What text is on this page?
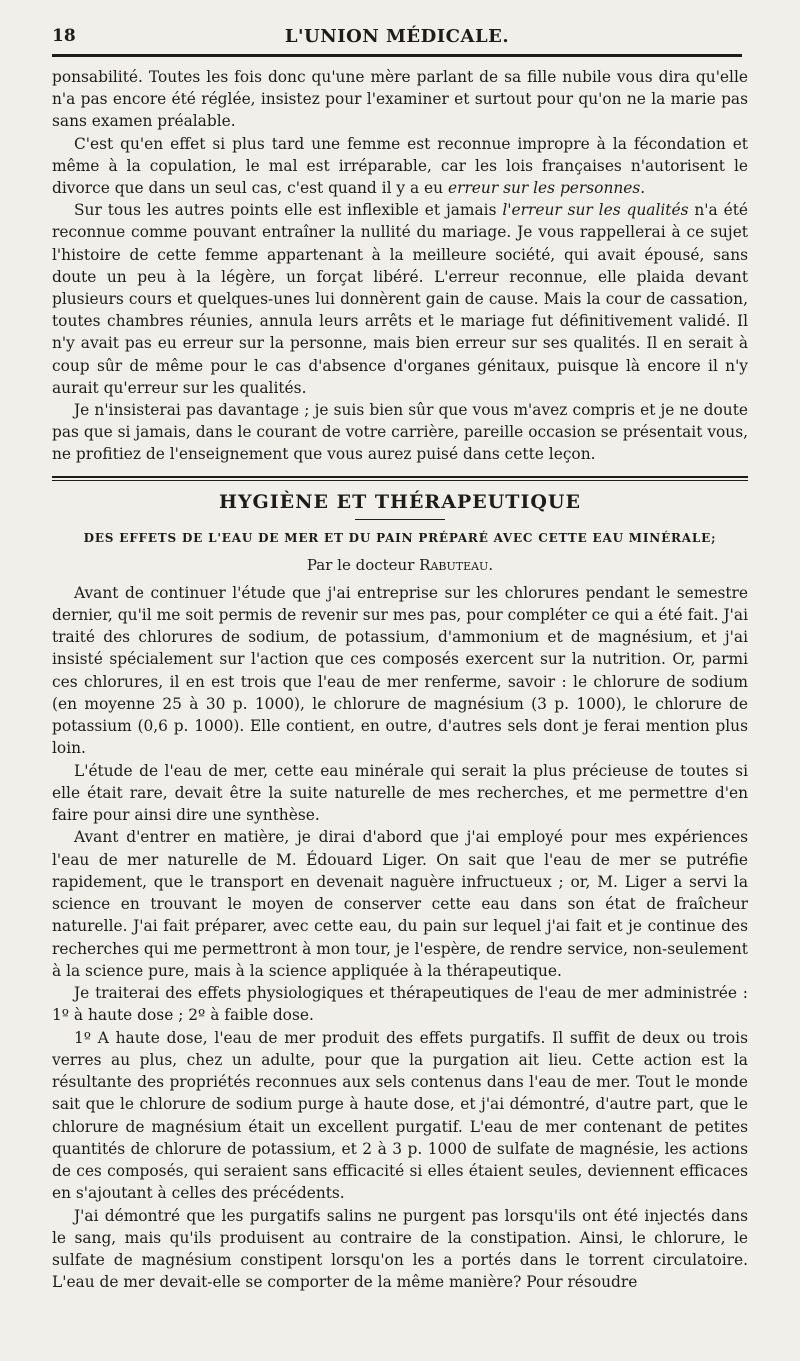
18	L'UNION MÉDICALE.

ponsabilité. Toutes les fois donc qu'une mère parlant de sa fille nubile vous dira qu'elle n'a pas encore été réglée, insistez pour l'examiner et surtout pour qu'on ne la marie pas sans examen préalable.

C'est qu'en effet si plus tard une femme est reconnue impropre à la fécondation et même à la copulation, le mal est irréparable, car les lois françaises n'autorisent le divorce que dans un seul cas, c'est quand il y a eu erreur sur les personnes.

Sur tous les autres points elle est inflexible et jamais l'erreur sur les qualités n'a été reconnue comme pouvant entraîner la nullité du mariage. Je vous rappellerai à ce sujet l'histoire de cette femme appartenant à la meilleure société, qui avait épousé, sans doute un peu à la légère, un forçat libéré. L'erreur reconnue, elle plaida devant plusieurs cours et quelques-unes lui donnèrent gain de cause. Mais la cour de cassation, toutes chambres réunies, annula leurs arrêts et le mariage fut définitivement validé. Il n'y avait pas eu erreur sur la personne, mais bien erreur sur ses qualités. Il en serait à coup sûr de même pour le cas d'absence d'organes génitaux, puisque là encore il n'y aurait qu'erreur sur les qualités.

Je n'insisterai pas davantage ; je suis bien sûr que vous m'avez compris et je ne doute pas que si jamais, dans le courant de votre carrière, pareille occasion se présentait vous, ne profitiez de l'enseignement que vous aurez puisé dans cette leçon.

HYGIÈNE ET THÉRAPEUTIQUE
DES EFFETS DE L'EAU DE MER ET DU PAIN PRÉPARÉ AVEC CETTE EAU MINÉRALE;
Par le docteur Rabuteau.

Avant de continuer l'étude que j'ai entreprise sur les chlorures pendant le semestre dernier, qu'il me soit permis de revenir sur mes pas, pour compléter ce qui a été fait. J'ai traité des chlorures de sodium, de potassium, d'ammonium et de magnésium, et j'ai insisté spécialement sur l'action que ces composés exercent sur la nutrition. Or, parmi ces chlorures, il en est trois que l'eau de mer renferme, savoir : le chlorure de sodium (en moyenne 25 à 30 p. 1000), le chlorure de magnésium (3 p. 1000), le chlorure de potassium (0,6 p. 1000). Elle contient, en outre, d'autres sels dont je ferai mention plus loin.

L'étude de l'eau de mer, cette eau minérale qui serait la plus précieuse de toutes si elle était rare, devait être la suite naturelle de mes recherches, et me permettre d'en faire pour ainsi dire une synthèse.

Avant d'entrer en matière, je dirai d'abord que j'ai employé pour mes expériences l'eau de mer naturelle de M. Édouard Liger. On sait que l'eau de mer se putréfie rapidement, que le transport en devenait naguère infructueux ; or, M. Liger a servi la science en trouvant le moyen de conserver cette eau dans son état de fraîcheur naturelle. J'ai fait préparer, avec cette eau, du pain sur lequel j'ai fait et je continue des recherches qui me permettront à mon tour, je l'espère, de rendre service, non-seulement à la science pure, mais à la science appliquée à la thérapeutique.

Je traiterai des effets physiologiques et thérapeutiques de l'eau de mer administrée : 1º à haute dose ; 2º à faible dose.

1º A haute dose, l'eau de mer produit des effets purgatifs. Il suffit de deux ou trois verres au plus, chez un adulte, pour que la purgation ait lieu. Cette action est la résultante des propriétés reconnues aux sels contenus dans l'eau de mer. Tout le monde sait que le chlorure de sodium purge à haute dose, et j'ai démontré, d'autre part, que le chlorure de magnésium était un excellent purgatif. L'eau de mer contenant de petites quantités de chlorure de potassium, et 2 à 3 p. 1000 de sulfate de magnésie, les actions de ces composés, qui seraient sans efficacité si elles étaient seules, deviennent efficaces en s'ajoutant à celles des précédents.

J'ai démontré que les purgatifs salins ne purgent pas lorsqu'ils ont été injectés dans le sang, mais qu'ils produisent au contraire de la constipation. Ainsi, le chlorure, le sulfate de magnésium constipent lorsqu'on les a portés dans le torrent circulatoire. L'eau de mer devait-elle se comporter de la même manière? Pour résoudre
